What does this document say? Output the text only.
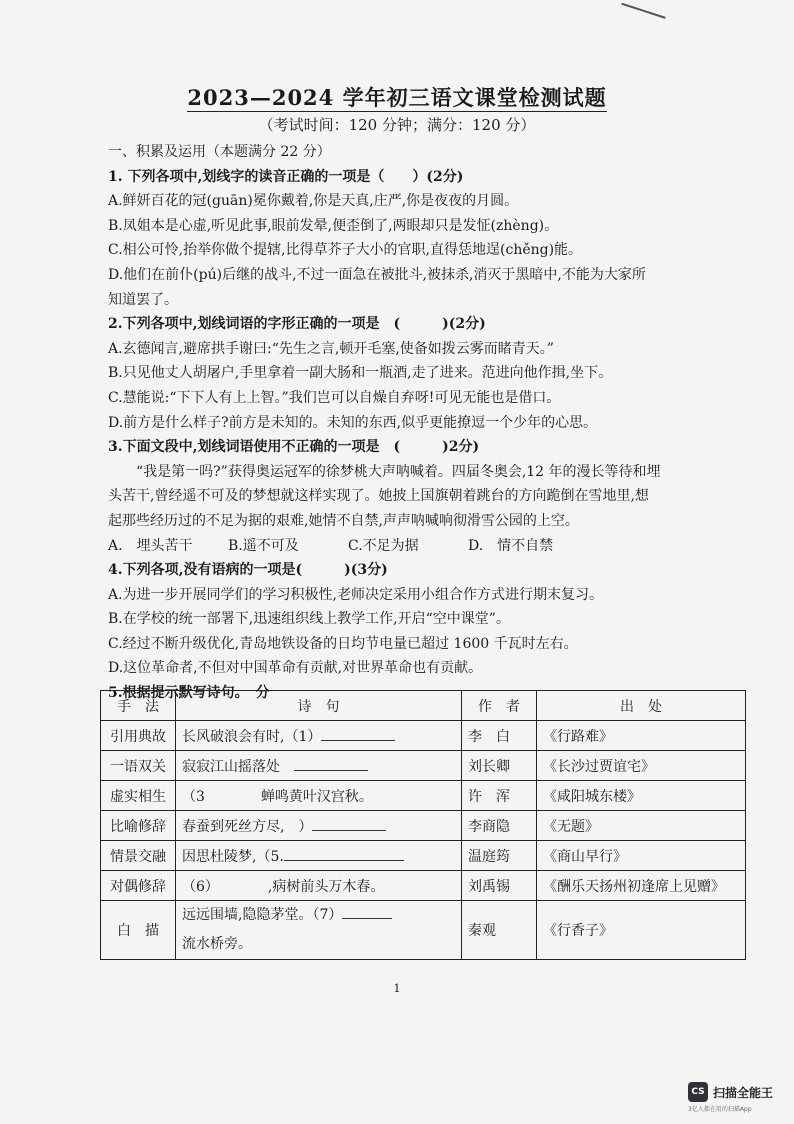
2023—2024 学年初三语文课堂检测试题
（考试时间：120 分钟；满分：120 分）

一、积累及运用（本题满分 22 分）

1. 下列各项中,划线字的读音正确的一项是（　　）(2分)

A.鲜妍百花的冠(guān)冕你戴着,你是天真,庄严,你是夜夜的月圆。

B.凤姐本是心虚,听见此事,眼前发晕,便歪倒了,两眼却只是发怔(zhèng)。

C.相公可怜,抬举你做个提辖,比得草芥子大小的官职,直得恁地逞(chěng)能。

D.他们在前仆(pú)后继的战斗,不过一面急在被批斗,被抹杀,消灭于黑暗中,不能为大家所

知道罢了。

2.下列各项中,划线词语的字形正确的一项是　(　　　)(2分)

A.玄德闻言,避席拱手谢曰:“先生之言,顿开毛塞,使备如拨云雾而睹青天。”

B.只见他丈人胡屠户,手里拿着一副大肠和一瓶酒,走了进来。范进向他作揖,坐下。

C.慧能说:“下下人有上上智。”我们岂可以自燥自弃呀!可见无能也是借口。

D.前方是什么样子?前方是未知的。未知的东西,似乎更能撩逗一个少年的心思。

3.下面文段中,划线词语使用不正确的一项是　(　　　)2分)

“我是第一吗?”获得奥运冠军的徐梦桃大声呐喊着。四届冬奥会,12 年的漫长等待和埋

头苦干,曾经遥不可及的梦想就这样实现了。她披上国旗朝着跳台的方向跪倒在雪地里,想

起那些经历过的不足为据的艰难,她情不自禁,声声呐喊响彻滑雪公园的上空。

A.　埋头苦干	B.遥不可及	C.不足为据	D.　情不自禁

4.下列各项,没有语病的一项是(　　　)(3分)

A.为进一步开展同学们的学习积极性,老师决定采用小组合作方式进行期末复习。

B.在学校的统一部署下,迅速组织线上教学工作,开启“空中课堂”。

C.经过不断升级优化,青岛地铁设备的日均节电量已超过 1600 千瓦时左右。

D.这位革命者,不但对中国革命有贡献,对世界革命也有贡献。

5.根据提示默写诗句。　分

手　法	诗　句	作　者	出　处
引用典故	长风破浪会有时,（1）	李　白	《行路难》
一语双关	寂寂江山摇落处　	刘长卿	《长沙过贾谊宅》
虚实相生	（3　　　　蝉鸣黄叶汉宫秋。	许　浑	《咸阳城东楼》
比喻修辞	春蚕到死丝方尽,　）	李商隐	《无题》
情景交融	因思杜陵梦,（5.	温庭筠	《商山早行》
对偶修辞	（6）　　　　,病树前头万木春。	刘禹锡	《酬乐天扬州初逢席上见赠》
白　描	远远围墙,隐隐茅堂。（7）
流水桥旁。	秦观	《行香子》
1
CS 扫描全能王
3亿人都在用的扫描App
